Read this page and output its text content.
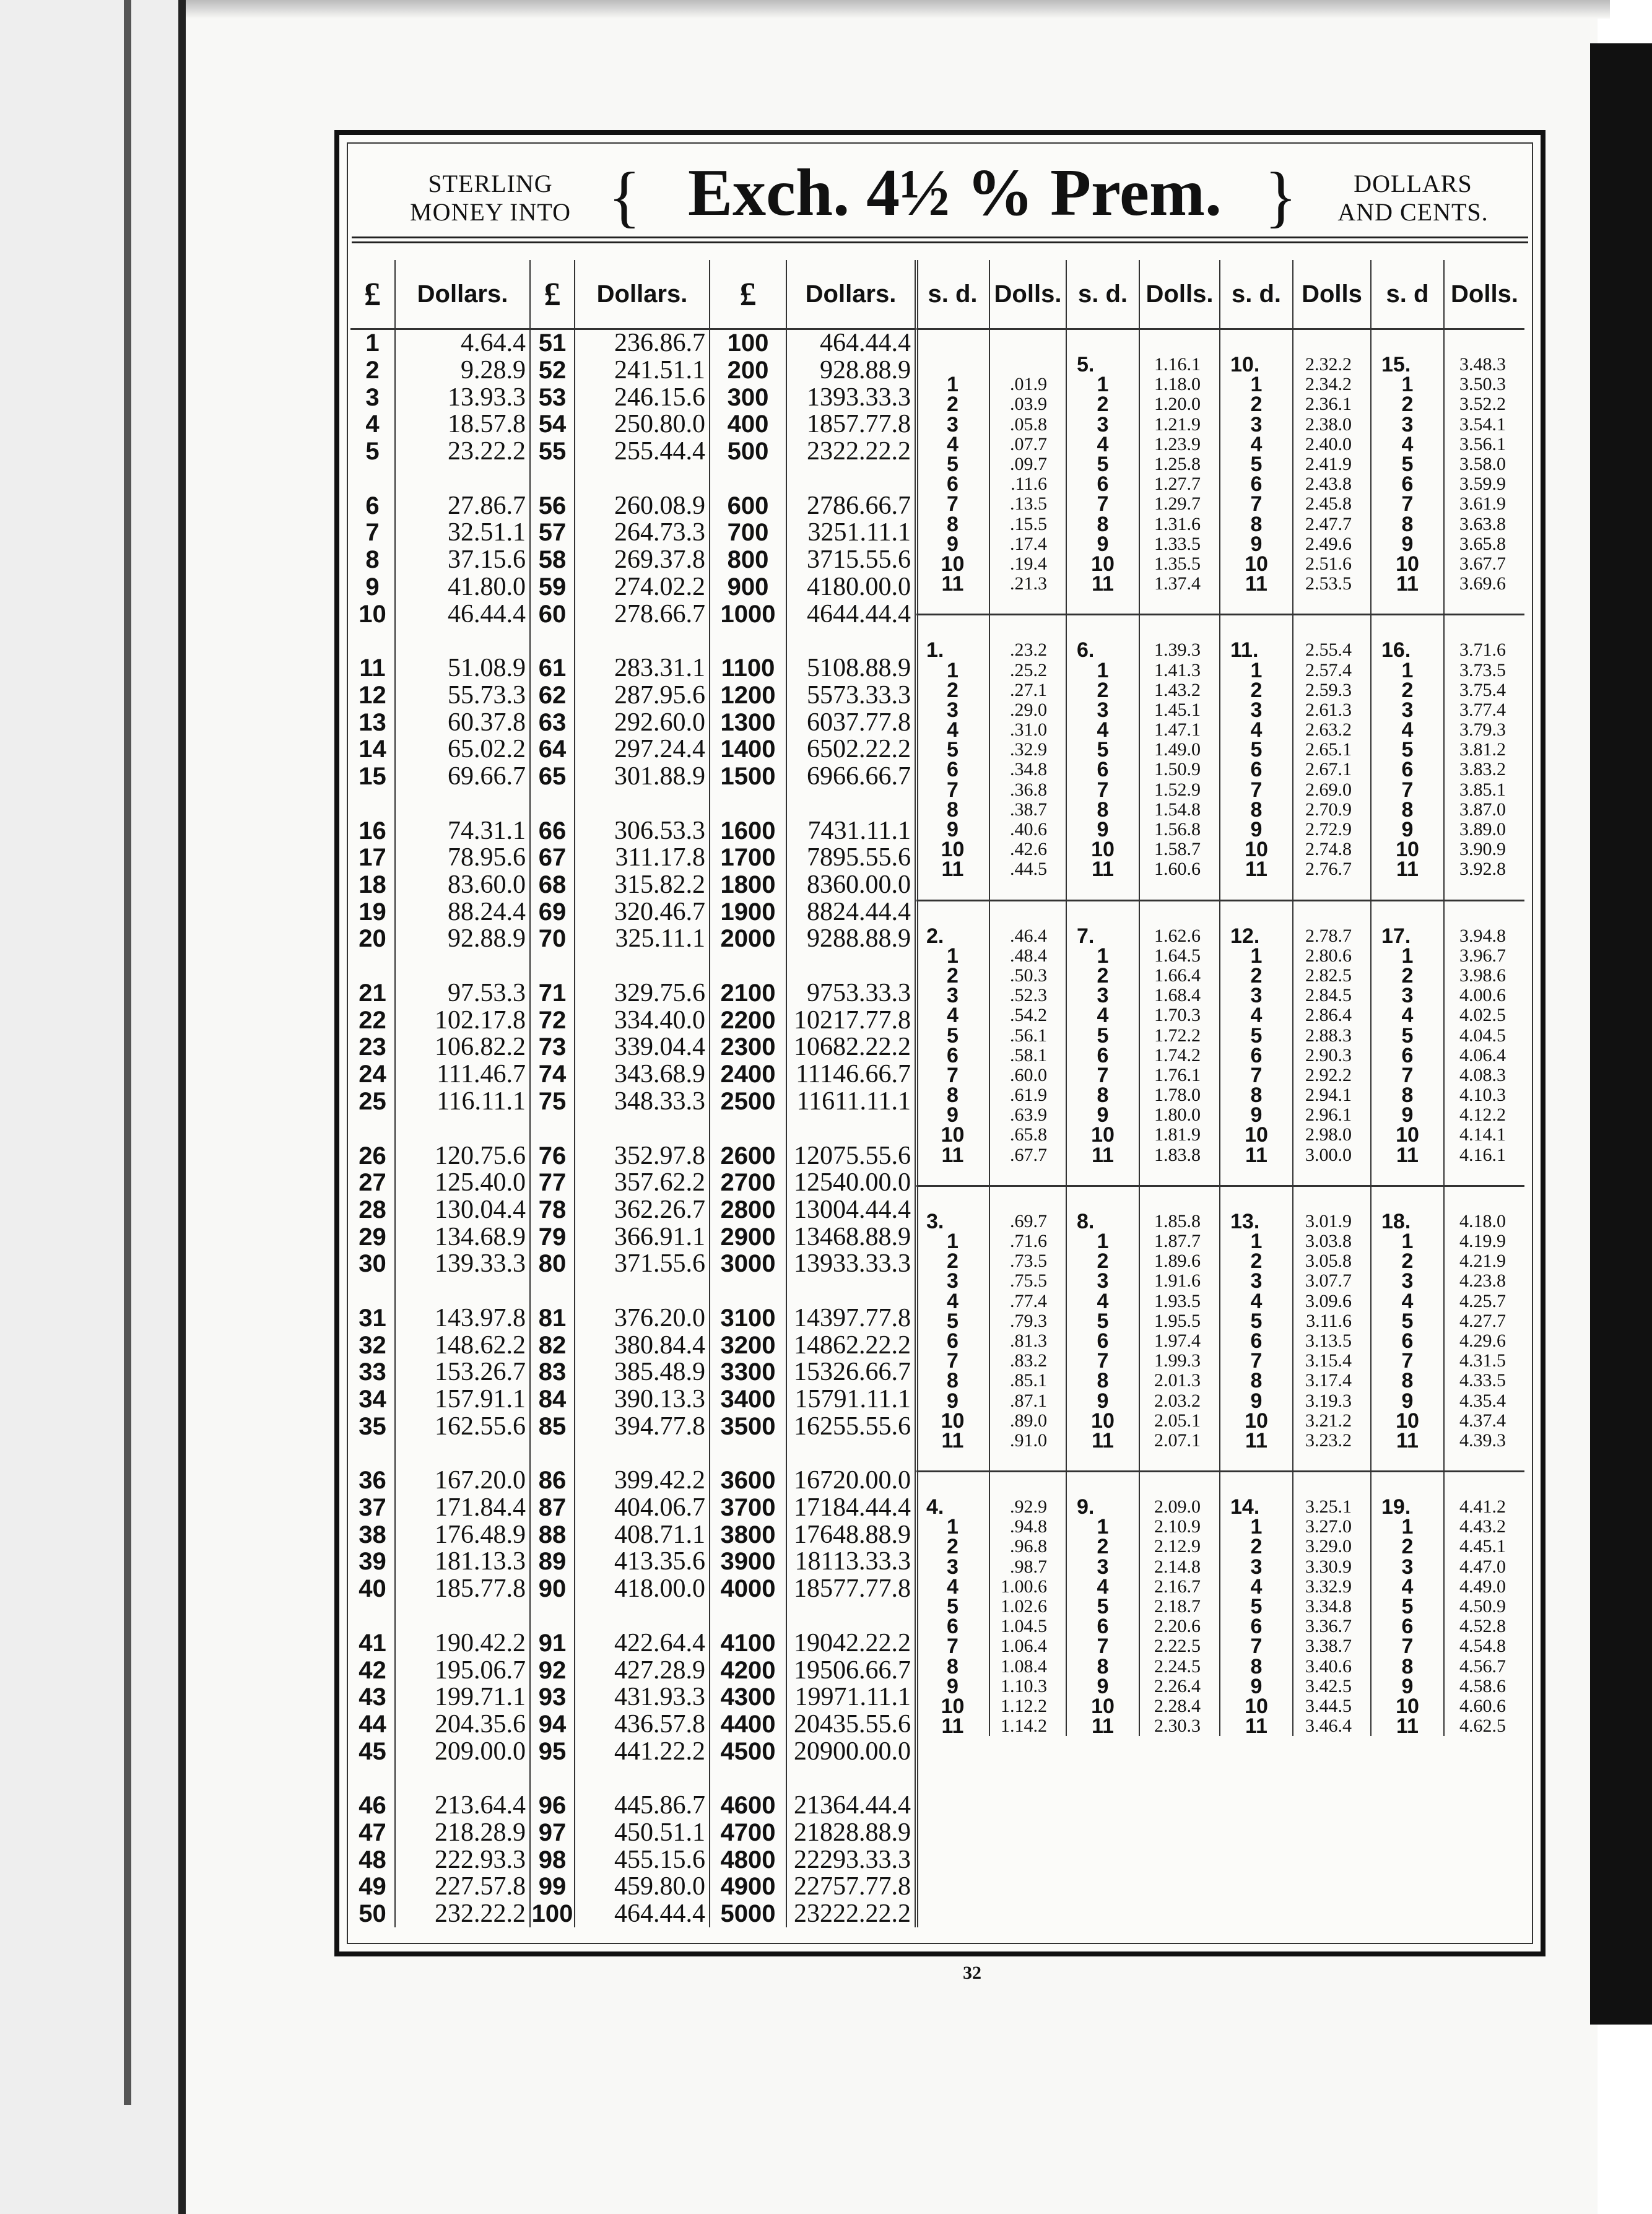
STERLING
MONEY INTO { Exch. 4½ % Prem. }	DOLLARS
AND CENTS.
£	Dollars.	£	Dollars.	£	Dollars.
1	4.64.4	51	236.86.7	100	464.44.4
2	9.28.9	52	241.51.1	200	928.88.9
3	13.93.3	53	246.15.6	300	1393.33.3
4	18.57.8	54	250.80.0	400	1857.77.8
5	23.22.2	55	255.44.4	500	2322.22.2
6	27.86.7	56	260.08.9	600	2786.66.7
7	32.51.1	57	264.73.3	700	3251.11.1
8	37.15.6	58	269.37.8	800	3715.55.6
9	41.80.0	59	274.02.2	900	4180.00.0
10	46.44.4	60	278.66.7	1000	4644.44.4
11	51.08.9	61	283.31.1	1100	5108.88.9
12	55.73.3	62	287.95.6	1200	5573.33.3
13	60.37.8	63	292.60.0	1300	6037.77.8
14	65.02.2	64	297.24.4	1400	6502.22.2
15	69.66.7	65	301.88.9	1500	6966.66.7
16	74.31.1	66	306.53.3	1600	7431.11.1
17	78.95.6	67	311.17.8	1700	7895.55.6
18	83.60.0	68	315.82.2	1800	8360.00.0
19	88.24.4	69	320.46.7	1900	8824.44.4
20	92.88.9	70	325.11.1	2000	9288.88.9
21	97.53.3	71	329.75.6	2100	9753.33.3
22	102.17.8	72	334.40.0	2200	10217.77.8
23	106.82.2	73	339.04.4	2300	10682.22.2
24	111.46.7	74	343.68.9	2400	11146.66.7
25	116.11.1	75	348.33.3	2500	11611.11.1
26	120.75.6	76	352.97.8	2600	12075.55.6
27	125.40.0	77	357.62.2	2700	12540.00.0
28	130.04.4	78	362.26.7	2800	13004.44.4
29	134.68.9	79	366.91.1	2900	13468.88.9
30	139.33.3	80	371.55.6	3000	13933.33.3
31	143.97.8	81	376.20.0	3100	14397.77.8
32	148.62.2	82	380.84.4	3200	14862.22.2
33	153.26.7	83	385.48.9	3300	15326.66.7
34	157.91.1	84	390.13.3	3400	15791.11.1
35	162.55.6	85	394.77.8	3500	16255.55.6
36	167.20.0	86	399.42.2	3600	16720.00.0
37	171.84.4	87	404.06.7	3700	17184.44.4
38	176.48.9	88	408.71.1	3800	17648.88.9
39	181.13.3	89	413.35.6	3900	18113.33.3
40	185.77.8	90	418.00.0	4000	18577.77.8
41	190.42.2	91	422.64.4	4100	19042.22.2
42	195.06.7	92	427.28.9	4200	19506.66.7
43	199.71.1	93	431.93.3	4300	19971.11.1
44	204.35.6	94	436.57.8	4400	20435.55.6
45	209.00.0	95	441.22.2	4500	20900.00.0
46	213.64.4	96	445.86.7	4600	21364.44.4
47	218.28.9	97	450.51.1	4700	21828.88.9
48	222.93.3	98	455.15.6	4800	22293.33.3
49	227.57.8	99	459.80.0	4900	22757.77.8
50	232.22.2	100	464.44.4	5000	23222.22.2
s. d.	Dolls.	s. d.	Dolls.	s. d.	Dolls	s. d	Dolls.

		5.	1.16.1	10.	2.32.2	15.	3.48.3
1	.01.9	1	1.18.0	1	2.34.2	1	3.50.3
2	.03.9	2	1.20.0	2	2.36.1	2	3.52.2
3	.05.8	3	1.21.9	3	2.38.0	3	3.54.1
4	.07.7	4	1.23.9	4	2.40.0	4	3.56.1
5	.09.7	5	1.25.8	5	2.41.9	5	3.58.0
6	.11.6	6	1.27.7	6	2.43.8	6	3.59.9
7	.13.5	7	1.29.7	7	2.45.8	7	3.61.9
8	.15.5	8	1.31.6	8	2.47.7	8	3.63.8
9	.17.4	9	1.33.5	9	2.49.6	9	3.65.8
10	.19.4	10	1.35.5	10	2.51.6	10	3.67.7
11	.21.3	11	1.37.4	11	2.53.5	11	3.69.6

1.	.23.2	6.	1.39.3	11.	2.55.4	16.	3.71.6
1	.25.2	1	1.41.3	1	2.57.4	1	3.73.5
2	.27.1	2	1.43.2	2	2.59.3	2	3.75.4
3	.29.0	3	1.45.1	3	2.61.3	3	3.77.4
4	.31.0	4	1.47.1	4	2.63.2	4	3.79.3
5	.32.9	5	1.49.0	5	2.65.1	5	3.81.2
6	.34.8	6	1.50.9	6	2.67.1	6	3.83.2
7	.36.8	7	1.52.9	7	2.69.0	7	3.85.1
8	.38.7	8	1.54.8	8	2.70.9	8	3.87.0
9	.40.6	9	1.56.8	9	2.72.9	9	3.89.0
10	.42.6	10	1.58.7	10	2.74.8	10	3.90.9
11	.44.5	11	1.60.6	11	2.76.7	11	3.92.8

2.	.46.4	7.	1.62.6	12.	2.78.7	17.	3.94.8
1	.48.4	1	1.64.5	1	2.80.6	1	3.96.7
2	.50.3	2	1.66.4	2	2.82.5	2	3.98.6
3	.52.3	3	1.68.4	3	2.84.5	3	4.00.6
4	.54.2	4	1.70.3	4	2.86.4	4	4.02.5
5	.56.1	5	1.72.2	5	2.88.3	5	4.04.5
6	.58.1	6	1.74.2	6	2.90.3	6	4.06.4
7	.60.0	7	1.76.1	7	2.92.2	7	4.08.3
8	.61.9	8	1.78.0	8	2.94.1	8	4.10.3
9	.63.9	9	1.80.0	9	2.96.1	9	4.12.2
10	.65.8	10	1.81.9	10	2.98.0	10	4.14.1
11	.67.7	11	1.83.8	11	3.00.0	11	4.16.1

3.	.69.7	8.	1.85.8	13.	3.01.9	18.	4.18.0
1	.71.6	1	1.87.7	1	3.03.8	1	4.19.9
2	.73.5	2	1.89.6	2	3.05.8	2	4.21.9
3	.75.5	3	1.91.6	3	3.07.7	3	4.23.8
4	.77.4	4	1.93.5	4	3.09.6	4	4.25.7
5	.79.3	5	1.95.5	5	3.11.6	5	4.27.7
6	.81.3	6	1.97.4	6	3.13.5	6	4.29.6
7	.83.2	7	1.99.3	7	3.15.4	7	4.31.5
8	.85.1	8	2.01.3	8	3.17.4	8	4.33.5
9	.87.1	9	2.03.2	9	3.19.3	9	4.35.4
10	.89.0	10	2.05.1	10	3.21.2	10	4.37.4
11	.91.0	11	2.07.1	11	3.23.2	11	4.39.3

4.	.92.9	9.	2.09.0	14.	3.25.1	19.	4.41.2
1	.94.8	1	2.10.9	1	3.27.0	1	4.43.2
2	.96.8	2	2.12.9	2	3.29.0	2	4.45.1
3	.98.7	3	2.14.8	3	3.30.9	3	4.47.0
4	1.00.6	4	2.16.7	4	3.32.9	4	4.49.0
5	1.02.6	5	2.18.7	5	3.34.8	5	4.50.9
6	1.04.5	6	2.20.6	6	3.36.7	6	4.52.8
7	1.06.4	7	2.22.5	7	3.38.7	7	4.54.8
8	1.08.4	8	2.24.5	8	3.40.6	8	4.56.7
9	1.10.3	9	2.26.4	9	3.42.5	9	4.58.6
10	1.12.2	10	2.28.4	10	3.44.5	10	4.60.6
11	1.14.2	11	2.30.3	11	3.46.4	11	4.62.5
32
